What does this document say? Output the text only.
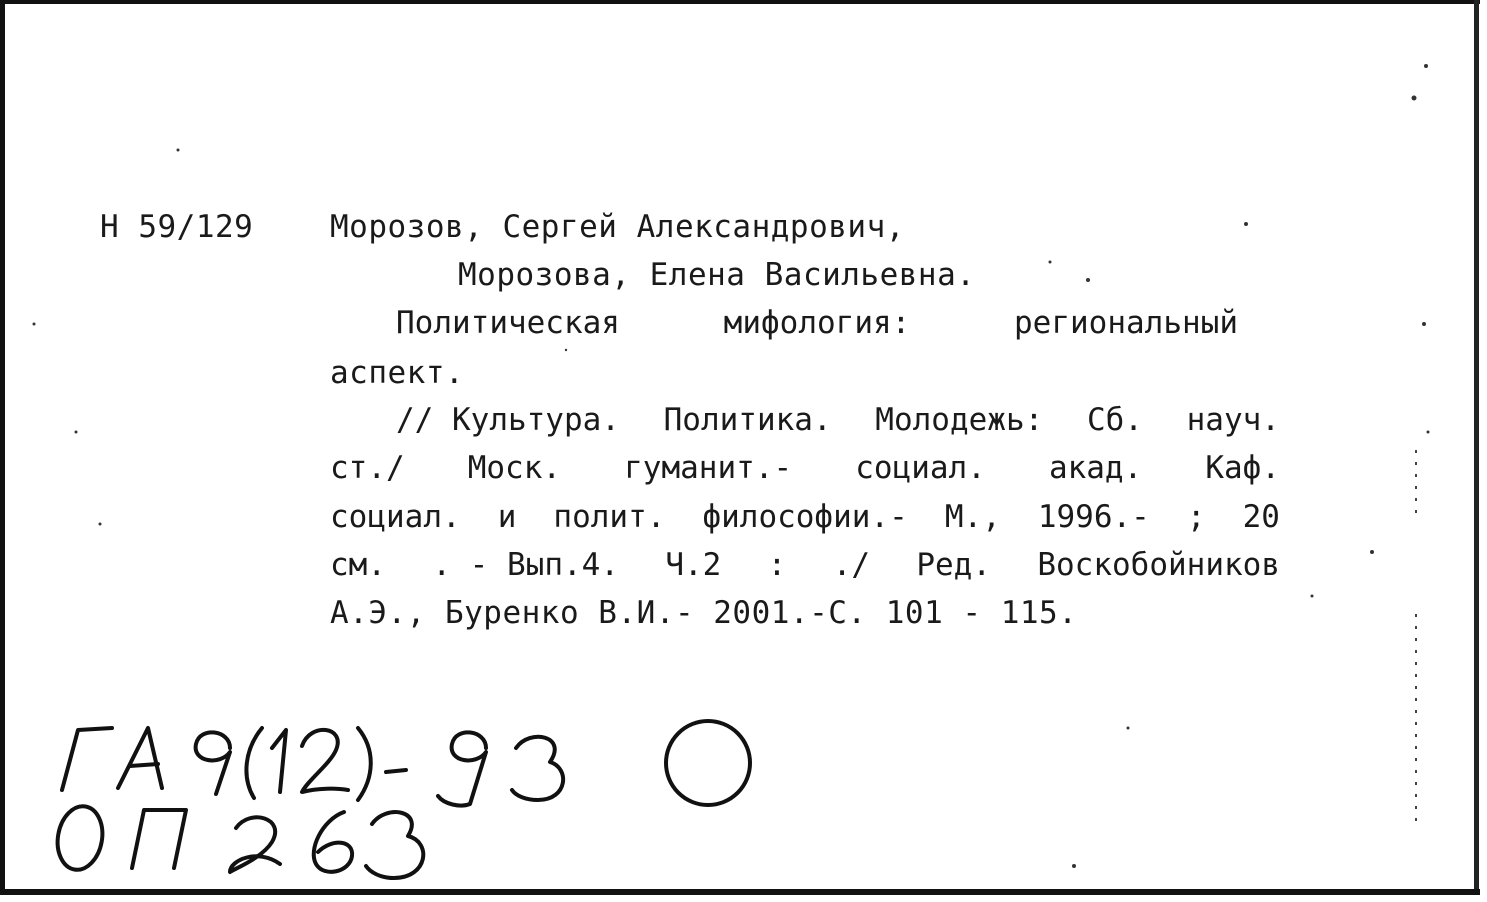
Н 59/129 Морозов, Сергей Александрович,
Морозова, Елена Васильевна.
Политическая	мифология:	региональный
аспект.
// Культура. Политика. Молодежь: Сб. науч.
ст./ Моск. гуманит.- социал. акад. Каф.
социал. и полит. философии.- М., 1996.- ; 20
см. . - Вып.4. Ч.2 : ./ Ред. Воскобойников
А.Э., Буренко В.И.- 2001.-С. 101 - 115.
